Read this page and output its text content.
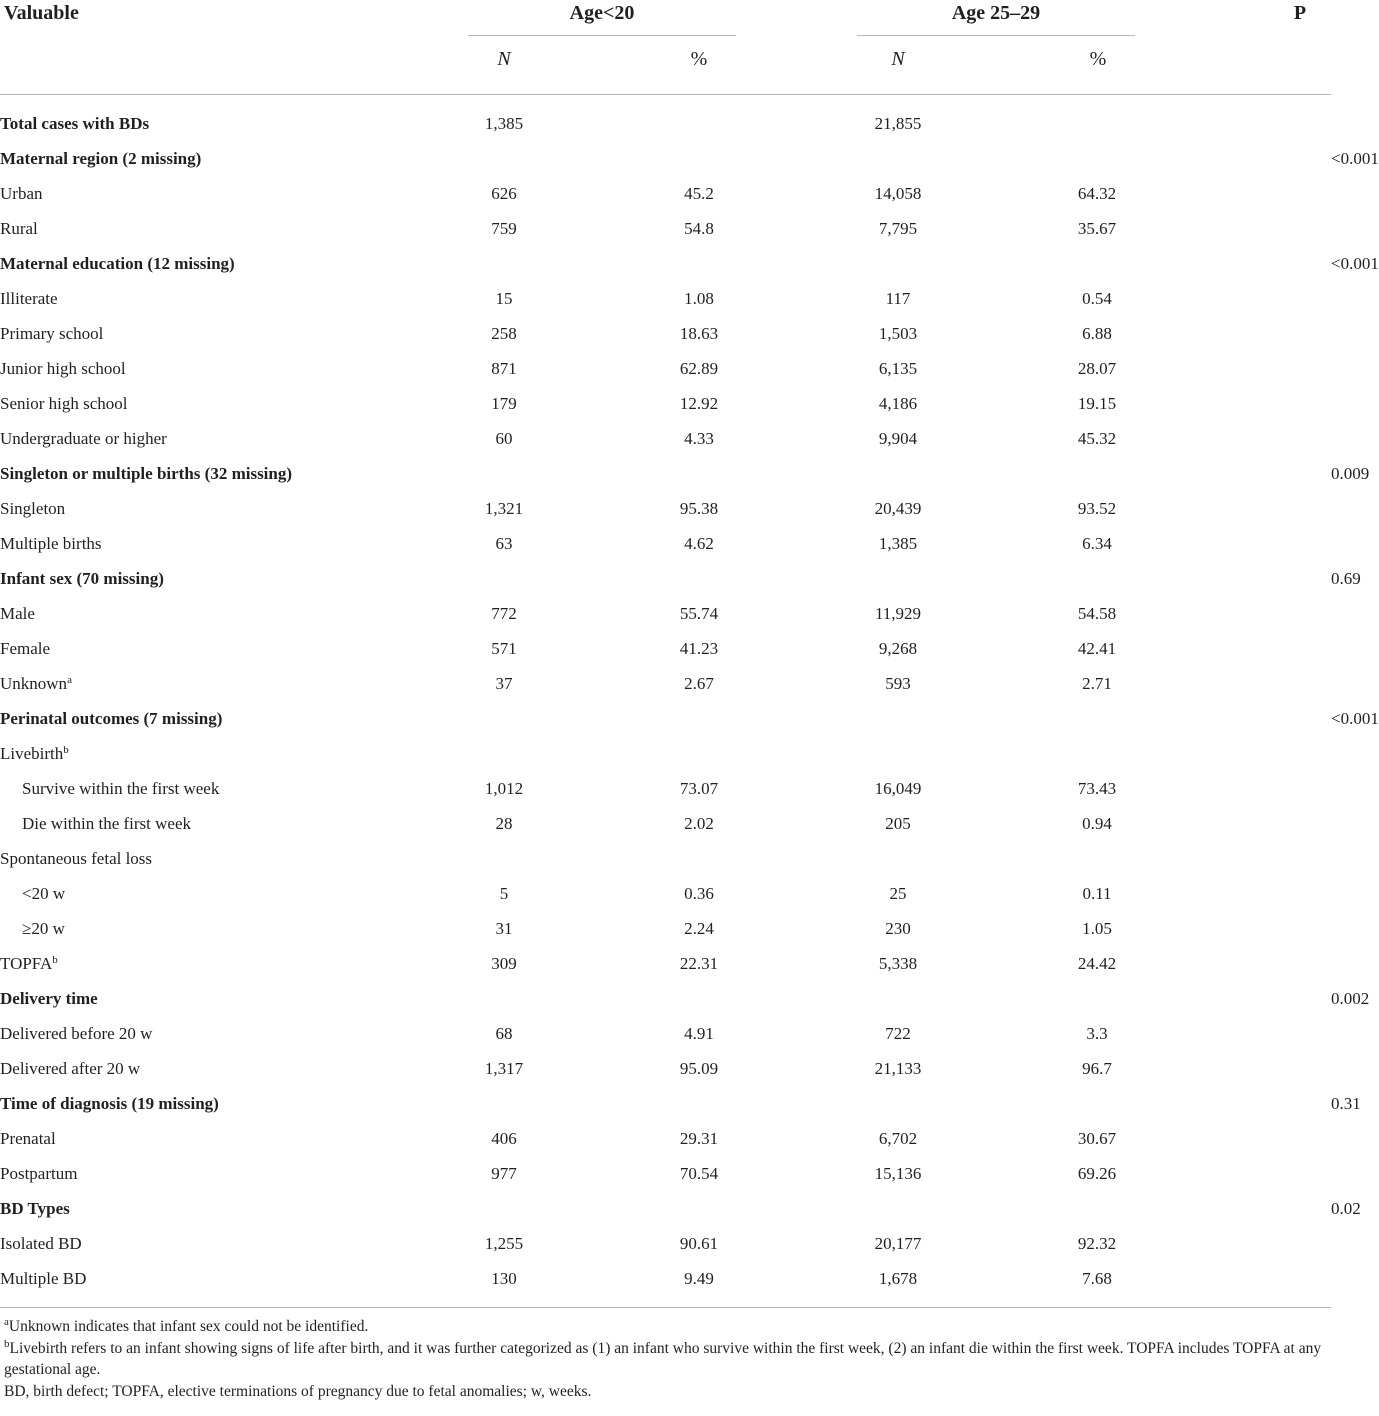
Valuable	Age<20	Age 25–29	P
N	%	N	%
Total cases with BDs	1,385				21,855				
Maternal region (2 missing)									<0.001
Urban	626		45.2		14,058		64.32		
Rural	759		54.8		7,795		35.67		
Maternal education (12 missing)									<0.001
Illiterate	15		1.08		117		0.54		
Primary school	258		18.63		1,503		6.88		
Junior high school	871		62.89		6,135		28.07		
Senior high school	179		12.92		4,186		19.15		
Undergraduate or higher	60		4.33		9,904		45.32		
Singleton or multiple births (32 missing)									0.009
Singleton	1,321		95.38		20,439		93.52		
Multiple births	63		4.62		1,385		6.34		
Infant sex (70 missing)									0.69
Male	772		55.74		11,929		54.58		
Female	571		41.23		9,268		42.41		
Unknown$^a$	37		2.67		593		2.71		
Perinatal outcomes (7 missing)									<0.001
Livebirth$^b$									
Survive within the first week	1,012		73.07		16,049		73.43		
Die within the first week	28		2.02		205		0.94		
Spontaneous fetal loss									
<20 w	5		0.36		25		0.11		
≥20 w	31		2.24		230		1.05		
TOPFA$^b$	309		22.31		5,338		24.42		
Delivery time									0.002
Delivered before 20 w	68		4.91		722		3.3		
Delivered after 20 w	1,317		95.09		21,133		96.7		
Time of diagnosis (19 missing)									0.31
Prenatal	406		29.31		6,702		30.67		
Postpartum	977		70.54		15,136		69.26		
BD Types									0.02
Isolated BD	1,255		90.61		20,177		92.32		
Multiple BD	130		9.49		1,678		7.68		

$^a$Unknown indicates that infant sex could not be identified.

$^b$Livebirth refers to an infant showing signs of life after birth, and it was further categorized as (1) an infant who survive within the first week, (2) an infant die within the first week. TOPFA includes TOPFA at any gestational age.

BD, birth defect; TOPFA, elective terminations of pregnancy due to fetal anomalies; w, weeks.
